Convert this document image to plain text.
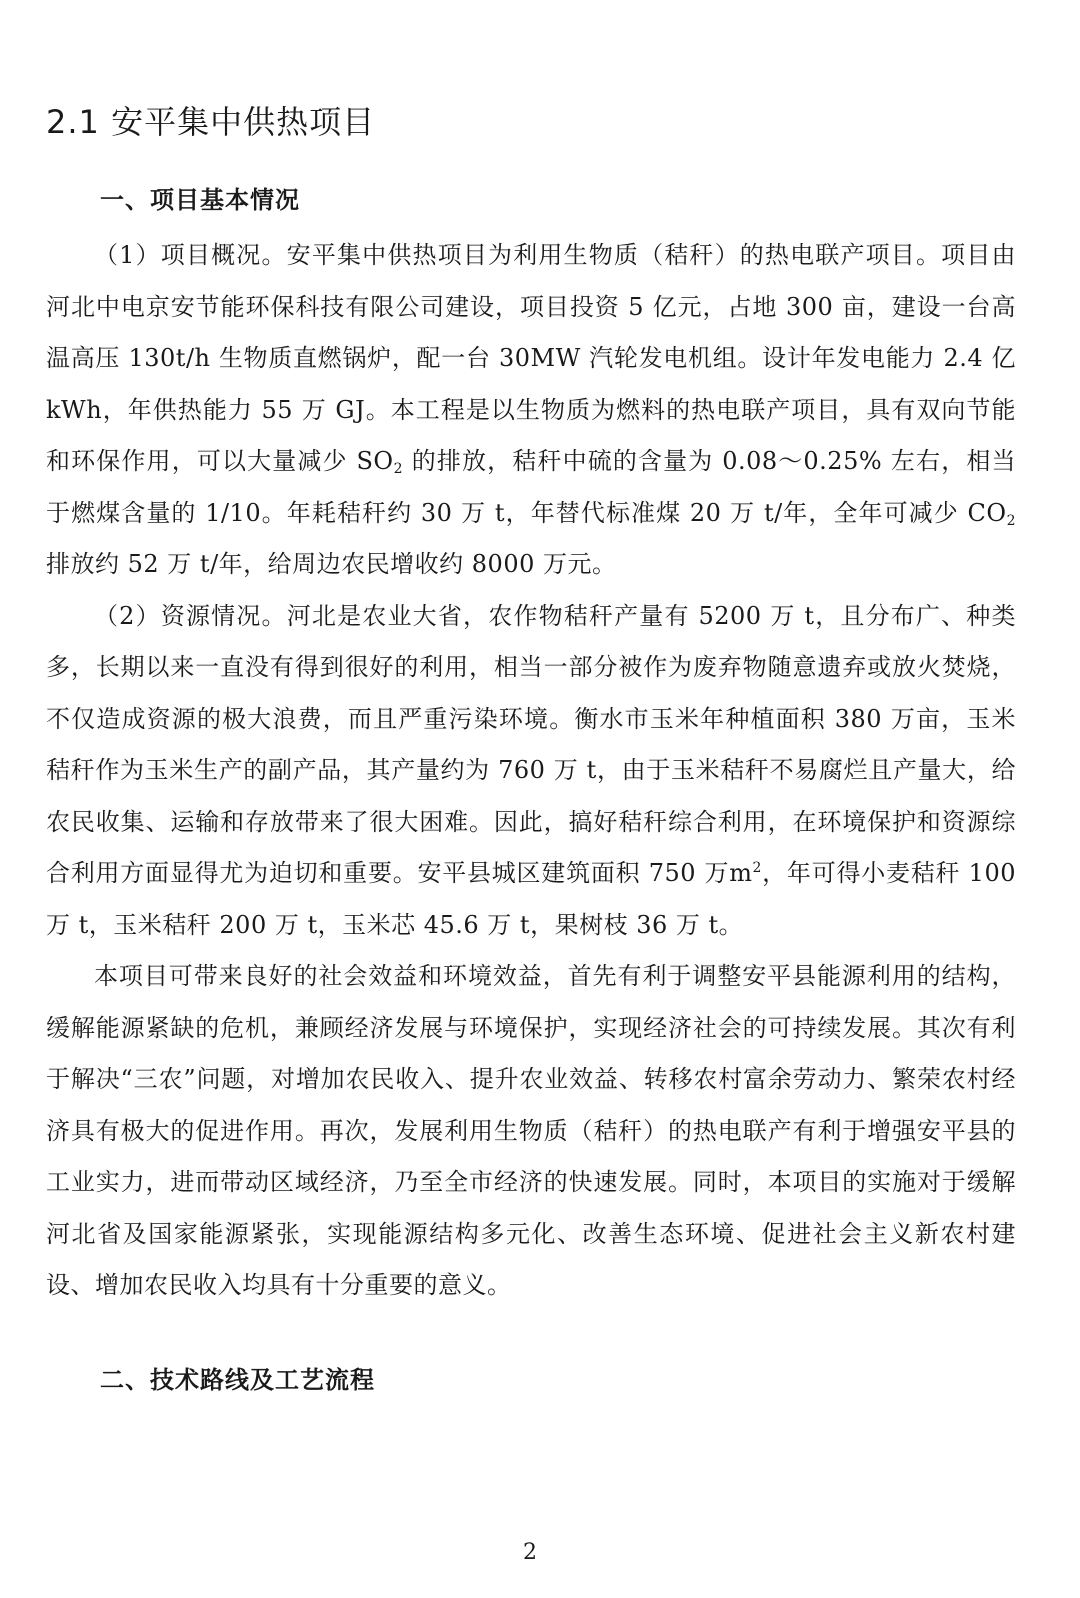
2.1 安平集中供热项目
一、项目基本情况

（1）项目概况。安平集中供热项目为利用生物质（秸秆）的热电联产项目。项目由河北中电京安节能环保科技有限公司建设，项目投资 5 亿元，占地 300 亩，建设一台高温高压 130t/h 生物质直燃锅炉，配一台 30MW 汽轮发电机组。设计年发电能力 2.4 亿 kWh，年供热能力 55 万 GJ。本工程是以生物质为燃料的热电联产项目，具有双向节能和环保作用，可以大量减少 $SO_2$ 的排放，秸秆中硫的含量为 0.08～0.25% 左右，相当于燃煤含量的 1/10。年耗秸秆约 30 万 t，年替代标准煤 20 万 t/年，全年可减少 $CO_2$ 排放约 52 万 t/年，给周边农民增收约 8000 万元。

（2）资源情况。河北是农业大省，农作物秸秆产量有 5200 万 t，且分布广、种类多，长期以来一直没有得到很好的利用，相当一部分被作为废弃物随意遗弃或放火焚烧，不仅造成资源的极大浪费，而且严重污染环境。衡水市玉米年种植面积 380 万亩，玉米秸秆作为玉米生产的副产品，其产量约为 760 万 t，由于玉米秸秆不易腐烂且产量大，给农民收集、运输和存放带来了很大困难。因此，搞好秸秆综合利用，在环境保护和资源综合利用方面显得尤为迫切和重要。安平县城区建筑面积 750 万$m^2$，年可得小麦秸秆 100 万 t，玉米秸秆 200 万 t，玉米芯 45.6 万 t，果树枝 36 万 t。

本项目可带来良好的社会效益和环境效益，首先有利于调整安平县能源利用的结构，缓解能源紧缺的危机，兼顾经济发展与环境保护，实现经济社会的可持续发展。其次有利于解决“三农”问题，对增加农民收入、提升农业效益、转移农村富余劳动力、繁荣农村经济具有极大的促进作用。再次，发展利用生物质（秸秆）的热电联产有利于增强安平县的工业实力，进而带动区域经济，乃至全市经济的快速发展。同时，本项目的实施对于缓解河北省及国家能源紧张，实现能源结构多元化、改善生态环境、促进社会主义新农村建设、增加农民收入均具有十分重要的意义。

二、技术路线及工艺流程
2
